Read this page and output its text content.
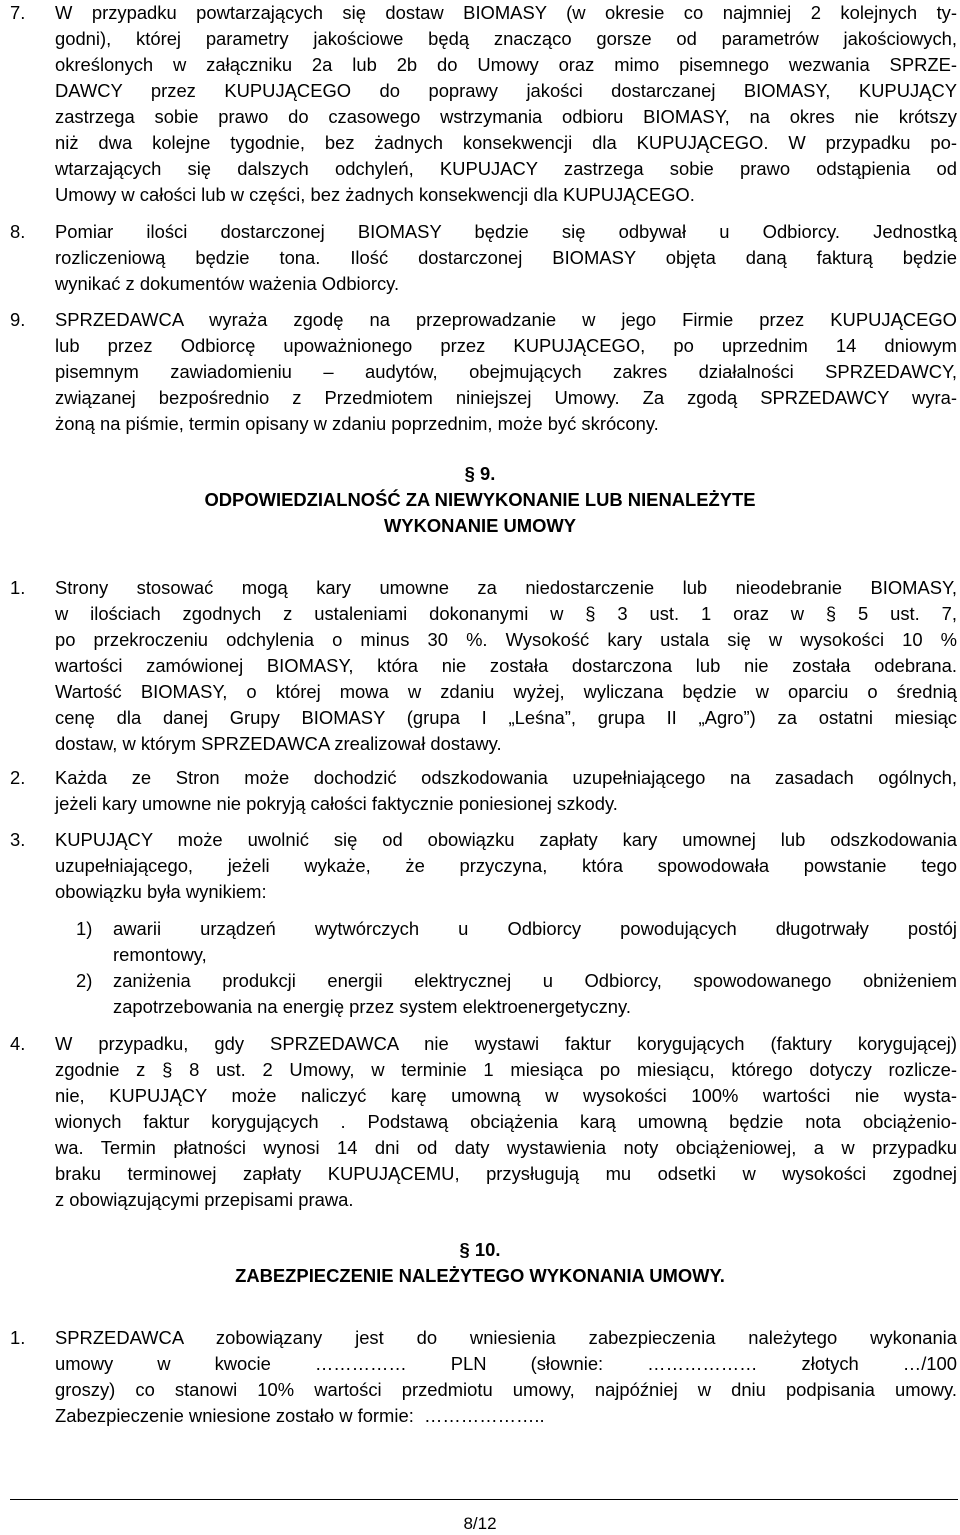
7. W przypadku powtarzających się dostaw BIOMASY (w okresie co najmniej 2 kolejnych ty-

godni), której parametry jakościowe będą znacząco gorsze od parametrów jakościowych,

określonych w załączniku 2a lub 2b do Umowy oraz mimo pisemnego wezwania SPRZE-

DAWCY przez KUPUJĄCEGO do poprawy jakości dostarczanej BIOMASY, KUPUJĄCY

zastrzega sobie prawo do czasowego wstrzymania odbioru BIOMASY, na okres nie krótszy

niż dwa kolejne tygodnie, bez żadnych konsekwencji dla KUPUJĄCEGO. W przypadku po-

wtarzających się dalszych odchyleń, KUPUJACY zastrzega sobie prawo odstąpienia od

Umowy w całości lub w części, bez żadnych konsekwencji dla KUPUJĄCEGO.

8. Pomiar ilości dostarczonej BIOMASY będzie się odbywał u Odbiorcy. Jednostką

rozliczeniową będzie tona. Ilość dostarczonej BIOMASY objęta daną fakturą będzie

wynikać z dokumentów ważenia Odbiorcy.

9. SPRZEDAWCA wyraża zgodę na przeprowadzanie w jego Firmie przez KUPUJĄCEGO

lub przez Odbiorcę upoważnionego przez KUPUJĄCEGO, po uprzednim 14 dniowym

pisemnym zawiadomieniu – audytów, obejmujących zakres działalności SPRZEDAWCY,

związanej bezpośrednio z Przedmiotem niniejszej Umowy. Za zgodą SPRZEDAWCY wyra-

żoną na piśmie, termin opisany w zdaniu poprzednim, może być skrócony.

§ 9.

ODPOWIEDZIALNOŚĆ ZA NIEWYKONANIE LUB NIENALEŻYTE

WYKONANIE UMOWY

1. Strony stosować mogą kary umowne za niedostarczenie lub nieodebranie BIOMASY,

w ilościach zgodnych z ustaleniami dokonanymi w § 3 ust. 1 oraz w § 5 ust. 7,

po przekroczeniu odchylenia o minus 30 %. Wysokość kary ustala się w wysokości 10 %

wartości zamówionej BIOMASY, która nie została dostarczona lub nie została odebrana.

Wartość BIOMASY, o której mowa w zdaniu wyżej, wyliczana będzie w oparciu o średnią

cenę dla danej Grupy BIOMASY (grupa I „Leśna”, grupa II „Agro”) za ostatni miesiąc

dostaw, w którym SPRZEDAWCA zrealizował dostawy.

2. Każda ze Stron może dochodzić odszkodowania uzupełniającego na zasadach ogólnych,

jeżeli kary umowne nie pokryją całości faktycznie poniesionej szkody.

3. KUPUJĄCY może uwolnić się od obowiązku zapłaty kary umownej lub odszkodowania

uzupełniającego, jeżeli wykaże, że przyczyna, która spowodowała powstanie tego

obowiązku była wynikiem:

1) awarii urządzeń wytwórczych u Odbiorcy powodujących długotrwały postój

remontowy,

2) zaniżenia produkcji energii elektrycznej u Odbiorcy, spowodowanego obniżeniem

zapotrzebowania na energię przez system elektroenergetyczny.

4. W przypadku, gdy SPRZEDAWCA nie wystawi faktur korygujących (faktury korygującej)

zgodnie z § 8 ust. 2 Umowy, w terminie 1 miesiąca po miesiącu, którego dotyczy rozlicze-

nie, KUPUJĄCY może naliczyć karę umowną w wysokości 100% wartości nie wysta-

wionych faktur korygujących . Podstawą obciążenia karą umowną będzie nota obciążenio-

wa. Termin płatności wynosi 14 dni od daty wystawienia noty obciążeniowej, a w przypadku

braku terminowej zapłaty KUPUJĄCEMU, przysługują mu odsetki w wysokości zgodnej

z obowiązującymi przepisami prawa.

§ 10.

ZABEZPIECZENIE NALEŻYTEGO WYKONANIA UMOWY.

1. SPRZEDAWCA zobowiązany jest do wniesienia zabezpieczenia należytego wykonania

umowy w kwocie …………… PLN (słownie: ……………… złotych …/100

groszy) co stanowi 10% wartości przedmiotu umowy, najpóźniej w dniu podpisania umowy.

Zabezpieczenie wniesione zostało w formie:  ………………..

8/12
